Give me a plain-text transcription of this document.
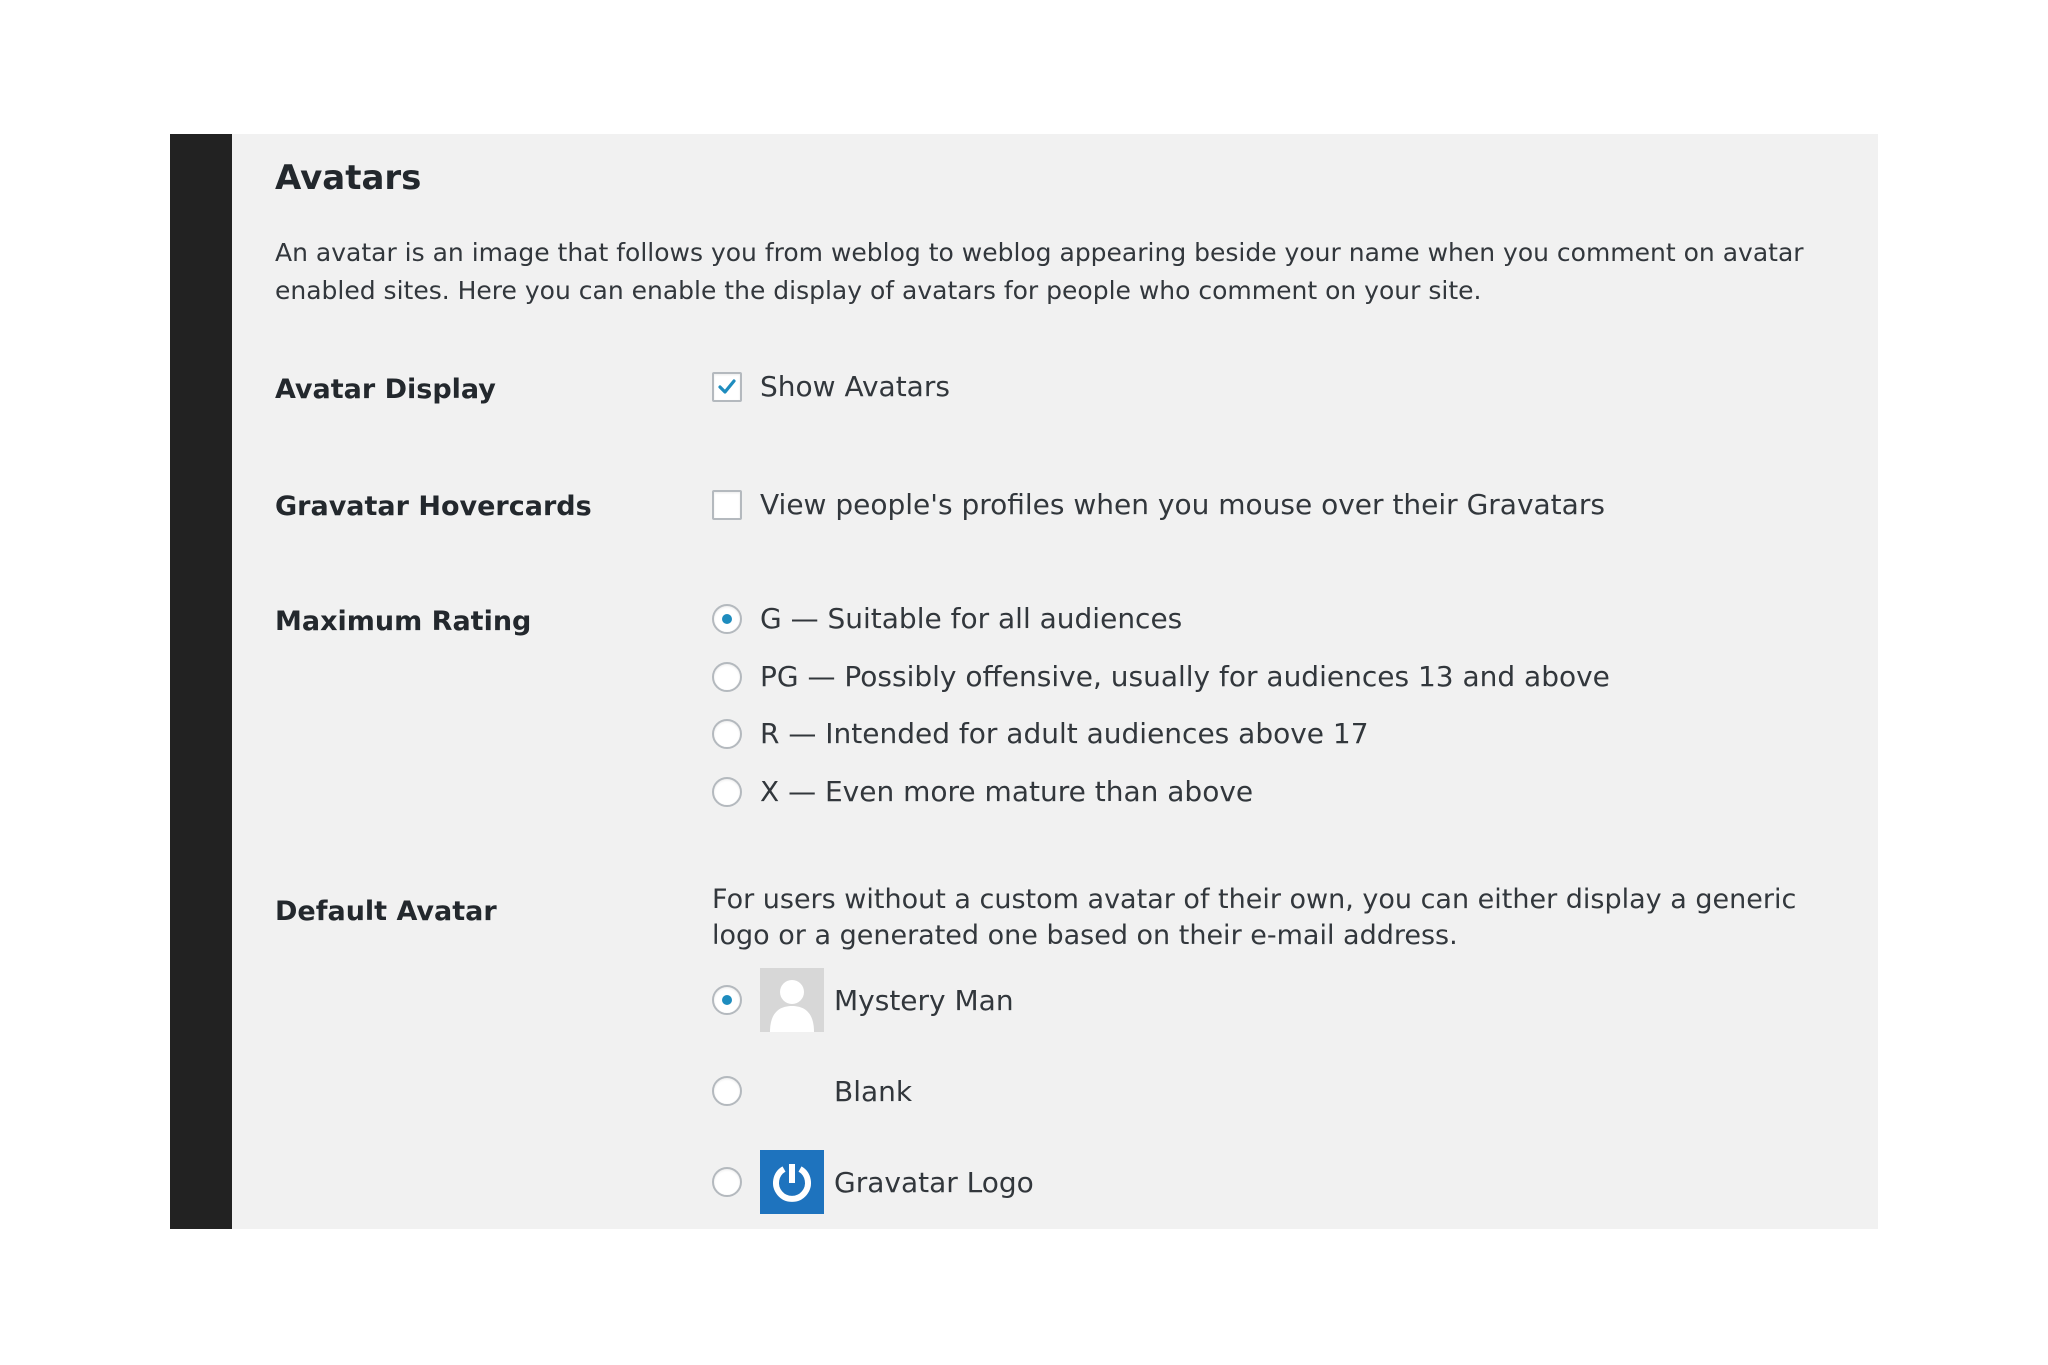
Avatars

An avatar is an image that follows you from weblog to weblog appearing beside your name when you comment on avatar enabled sites. Here you can enable the display of avatars for people who comment on your site.

Avatar Display	Show Avatars
Gravatar Hovercards	View people's profiles when you mouse over their Gravatars
Maximum Rating	G — Suitable for all audiences
PG — Possibly offensive, usually for audiences 13 and above
R — Intended for adult audiences above 17
X — Even more mature than above
Default Avatar	For users without a custom avatar of their own, you can either display a generic logo or a generated one based on their e-mail address.

Mystery Man
Blank
Gravatar Logo
